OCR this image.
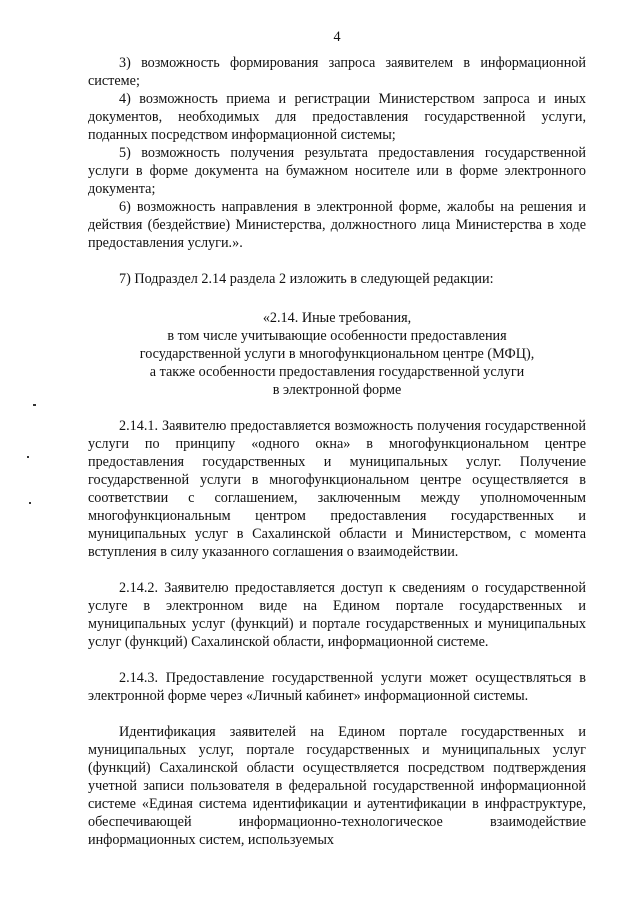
4

3) возможность формирования запроса заявителем в информационной системе;

4) возможность приема и регистрации Министерством запроса и иных документов, необходимых для предоставления государственной услуги, поданных посредством информационной системы;

5) возможность получения результата предоставления государственной услуги в форме документа на бумажном носителе или в форме электронного документа;

6) возможность направления в электронной форме, жалобы на решения и действия (бездействие) Министерства, должностного лица Министерства в ходе предоставления услуги.».

7) Подраздел 2.14 раздела 2 изложить в следующей редакции:

«2.14. Иные требования,
в том числе учитывающие особенности предоставления
государственной услуги в многофункциональном центре (МФЦ),
а также особенности предоставления государственной услуги
в электронной форме

2.14.1. Заявителю предоставляется возможность получения государственной услуги по принципу «одного окна» в многофункциональном центре предоставления государственных и муниципальных услуг. Получение государственной услуги в многофункциональном центре осуществляется в соответствии с соглашением, заключенным между уполномоченным многофункциональным центром предоставления государственных и муниципальных услуг в Сахалинской области и Министерством, с момента вступления в силу указанного соглашения о взаимодействии.

2.14.2. Заявителю предоставляется доступ к сведениям о государственной услуге в электронном виде на Едином портале государственных и муниципальных услуг (функций) и портале государственных и муниципальных услуг (функций) Сахалинской области, информационной системе.

2.14.3. Предоставление государственной услуги может осуществляться в электронной форме через «Личный кабинет» информационной системы.

Идентификация заявителей на Едином портале государственных и муниципальных услуг, портале государственных и муниципальных услуг (функций) Сахалинской области осуществляется посредством подтверждения учетной записи пользователя в федеральной государственной информационной системе «Единая система идентификации и аутентификации в инфраструктуре, обеспечивающей информационно-технологическое взаимодействие информационных систем, используемых
